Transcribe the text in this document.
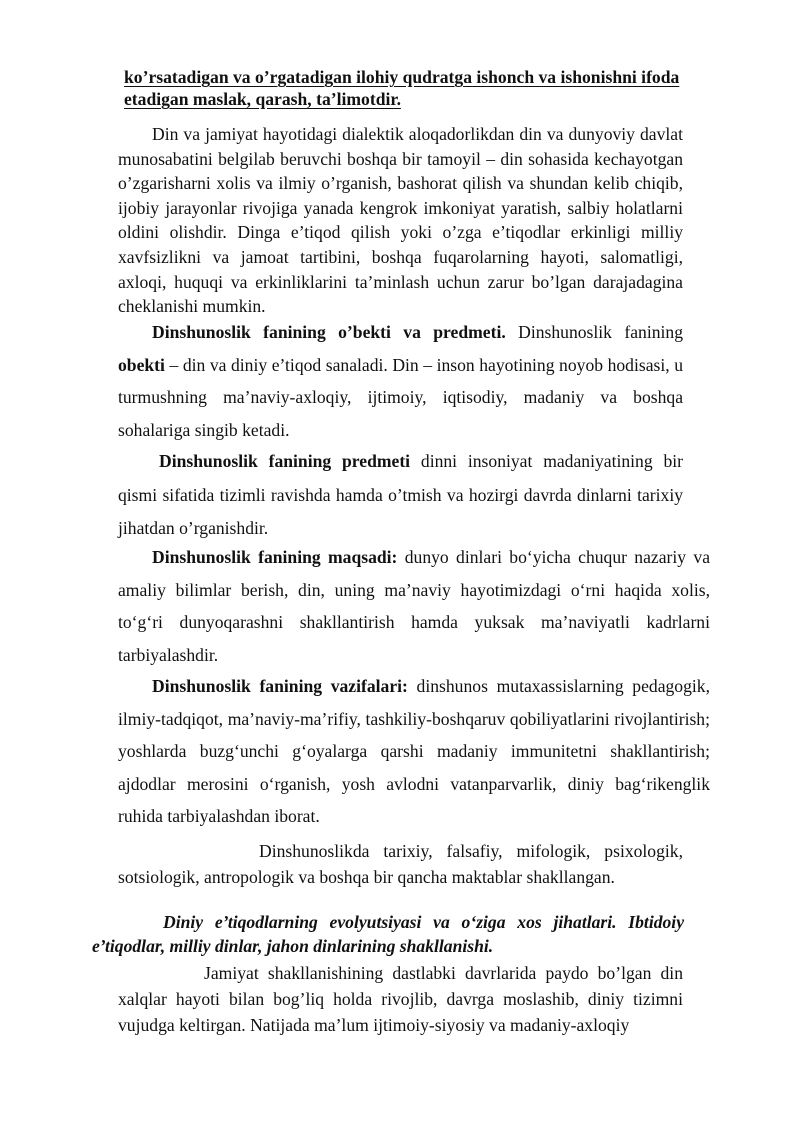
ko’rsatadigan va o’rgatadigan ilohiy qudratga ishonch va ishonishni ifoda
etadigan maslak, qarash, ta’limotdir.

Din va jamiyat hayotidagi dialektik aloqadorlikdan din va dunyoviy davlat munosabatini belgilab beruvchi boshqa bir tamoyil – din sohasida kechayotgan o’zgarisharni xolis va ilmiy o’rganish, bashorat qilish va shundan kelib chiqib, ijobiy jarayonlar rivojiga yanada kengrok imkoniyat yaratish, salbiy holatlarni oldini olishdir. Dinga e’tiqod qilish yoki o’zga e’tiqodlar erkinligi milliy xavfsizlikni va jamoat tartibini, boshqa fuqarolarning hayoti, salomatligi, axloqi, huquqi va erkinliklarini ta’minlash uchun zarur bo’lgan darajadagina cheklanishi mumkin.

Dinshunoslik fanining o’bekti va predmeti. Dinshunoslik fanining obekti – din va diniy e’tiqod sanaladi. Din – inson hayotining noyob hodisasi, u turmushning ma’naviy-axloqiy, ijtimoiy, iqtisodiy, madaniy va boshqa sohalariga singib ketadi.

Dinshunoslik fanining predmeti dinni insoniyat madaniyatining bir qismi sifatida tizimli ravishda hamda o’tmish va hozirgi davrda dinlarni tarixiy jihatdan o’rganishdir.

Dinshunoslik fanining maqsadi: dunyo dinlari bo‘yicha chuqur nazariy va amaliy bilimlar berish, din, uning ma’naviy hayotimizdagi o‘rni haqida xolis, to‘g‘ri dunyoqarashni shakllantirish hamda yuksak ma’naviyatli kadrlarni tarbiyalashdir.

Dinshunoslik fanining vazifalari: dinshunos mutaxassislarning pedagogik, ilmiy-tadqiqot, ma’naviy-ma’rifiy, tashkiliy-boshqaruv qobiliyatlarini rivojlantirish; yoshlarda buzg‘unchi g‘oyalarga qarshi madaniy immunitetni shakllantirish; ajdodlar merosini o‘rganish, yosh avlodni vatanparvarlik, diniy bag‘rikenglik ruhida tarbiyalashdan iborat.

Dinshunoslikda tarixiy, falsafiy, mifologik, psixologik, sotsiologik, antropologik va boshqa bir qancha maktablar shakllangan.

Diniy e’tiqodlarning evolyutsiyasi va o‘ziga xos jihatlari. Ibtidoiy e’tiqodlar, milliy dinlar, jahon dinlarining shakllanishi.

Jamiyat shakllanishining dastlabki davrlarida paydo bo’lgan din xalqlar hayoti bilan bog’liq holda rivojlib, davrga moslashib, diniy tizimni vujudga keltirgan. Natijada ma’lum ijtimoiy-siyosiy va madaniy-axloqiy
